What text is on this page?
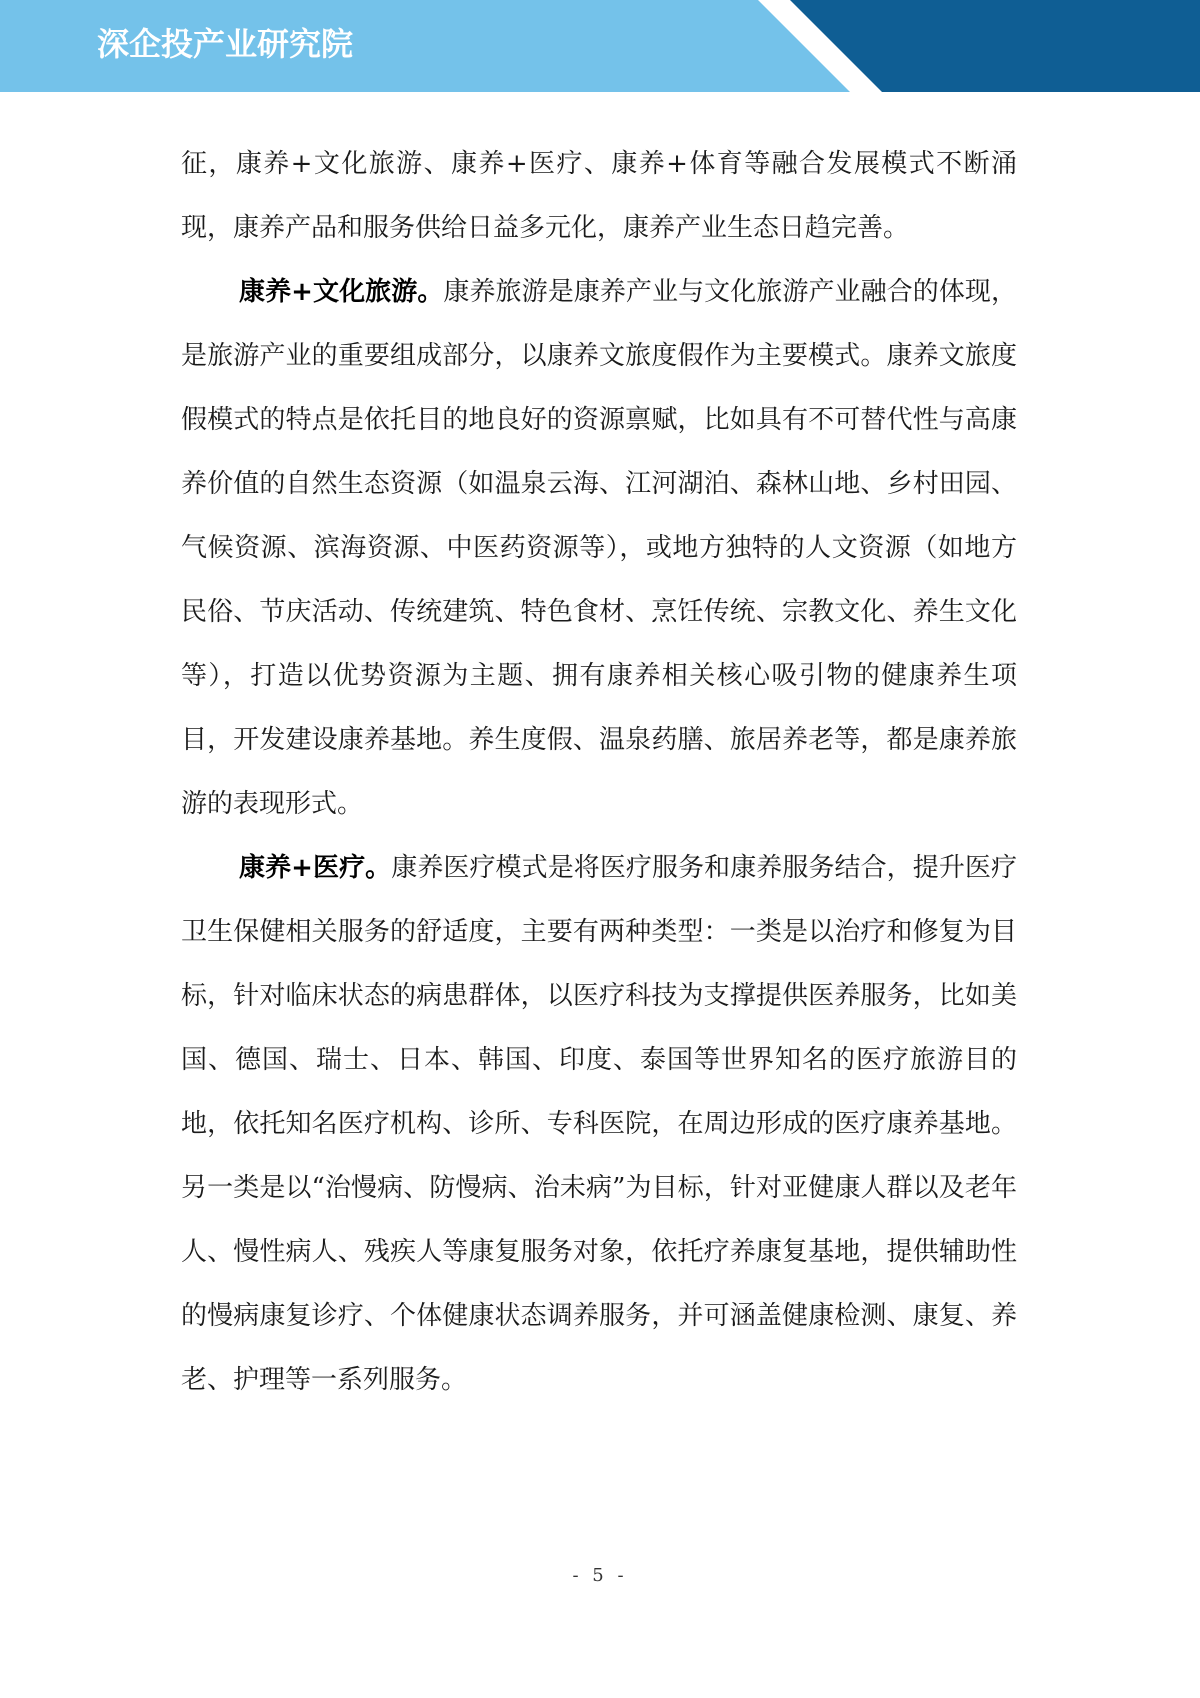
深企投产业研究院

征，康养+文化旅游、康养+医疗、康养+体育等融合发展模式不断涌现，康养产品和服务供给日益多元化，康养产业生态日趋完善。

康养+文化旅游。康养旅游是康养产业与文化旅游产业融合的体现，是旅游产业的重要组成部分，以康养文旅度假作为主要模式。康养文旅度假模式的特点是依托目的地良好的资源禀赋，比如具有不可替代性与高康养价值的自然生态资源（如温泉云海、江河湖泊、森林山地、乡村田园、气候资源、滨海资源、中医药资源等），或地方独特的人文资源（如地方民俗、节庆活动、传统建筑、特色食材、烹饪传统、宗教文化、养生文化等），打造以优势资源为主题、拥有康养相关核心吸引物的健康养生项目，开发建设康养基地。养生度假、温泉药膳、旅居养老等，都是康养旅游的表现形式。

康养+医疗。康养医疗模式是将医疗服务和康养服务结合，提升医疗卫生保健相关服务的舒适度，主要有两种类型：一类是以治疗和修复为目标，针对临床状态的病患群体，以医疗科技为支撑提供医养服务，比如美国、德国、瑞士、日本、韩国、印度、泰国等世界知名的医疗旅游目的地，依托知名医疗机构、诊所、专科医院，在周边形成的医疗康养基地。另一类是以“治慢病、防慢病、治未病”为目标，针对亚健康人群以及老年人、慢性病人、残疾人等康复服务对象，依托疗养康复基地，提供辅助性的慢病康复诊疗、个体健康状态调养服务，并可涵盖健康检测、康复、养老、护理等一系列服务。

- 5 -
